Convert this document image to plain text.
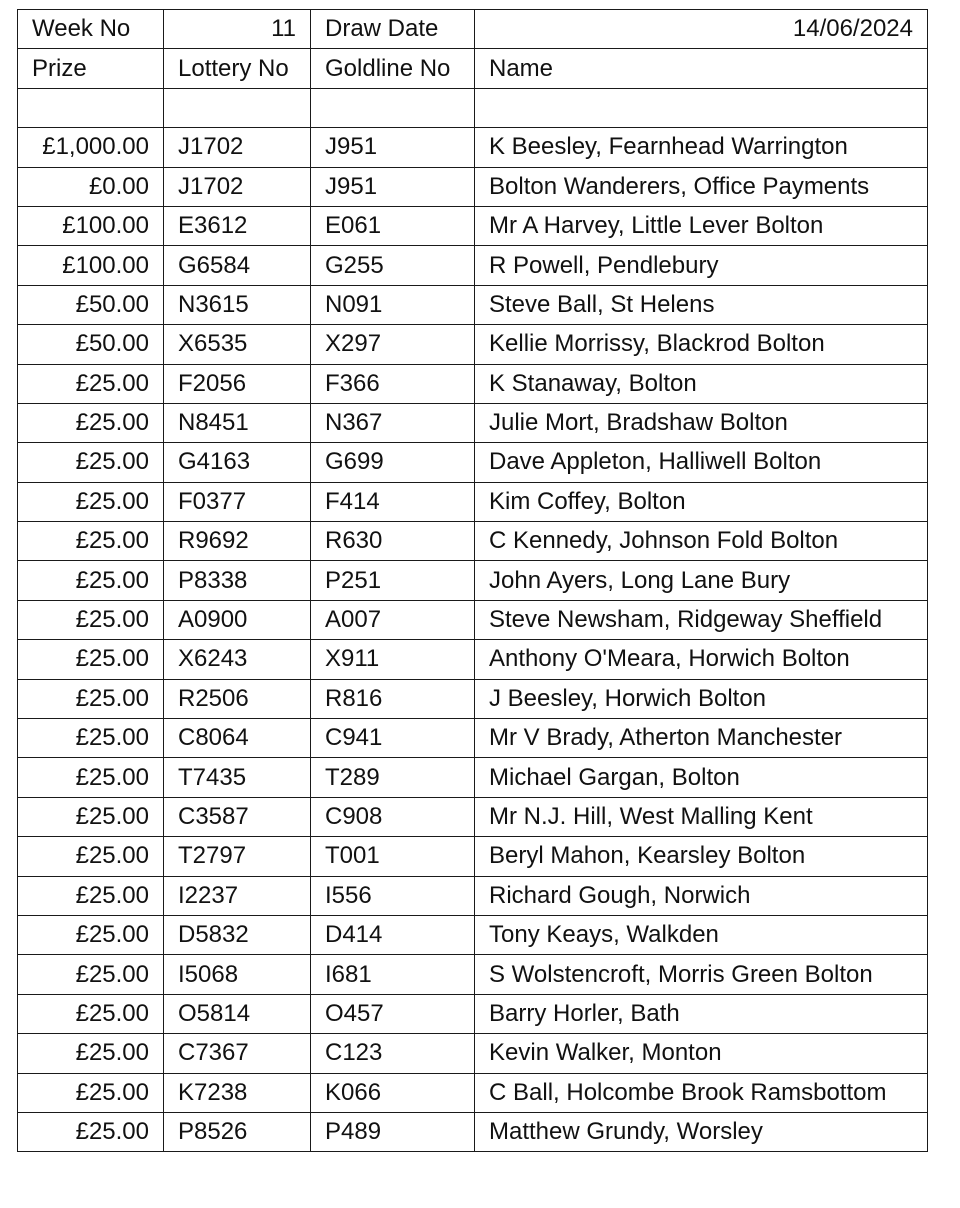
Week No	11	Draw Date	14/06/2024
Prize	Lottery No	Goldline No	Name

£1,000.00	J1702	J951	K Beesley, Fearnhead Warrington
£0.00	J1702	J951	Bolton Wanderers, Office Payments
£100.00	E3612	E061	Mr A Harvey, Little Lever Bolton
£100.00	G6584	G255	R Powell, Pendlebury
£50.00	N3615	N091	Steve Ball, St Helens
£50.00	X6535	X297	Kellie Morrissy, Blackrod Bolton
£25.00	F2056	F366	K Stanaway, Bolton
£25.00	N8451	N367	Julie Mort, Bradshaw Bolton
£25.00	G4163	G699	Dave Appleton, Halliwell Bolton
£25.00	F0377	F414	Kim Coffey, Bolton
£25.00	R9692	R630	C Kennedy, Johnson Fold Bolton
£25.00	P8338	P251	John Ayers, Long Lane Bury
£25.00	A0900	A007	Steve Newsham, Ridgeway Sheffield
£25.00	X6243	X911	Anthony O'Meara, Horwich Bolton
£25.00	R2506	R816	J Beesley, Horwich Bolton
£25.00	C8064	C941	Mr V Brady, Atherton Manchester
£25.00	T7435	T289	Michael Gargan, Bolton
£25.00	C3587	C908	Mr N.J. Hill, West Malling Kent
£25.00	T2797	T001	Beryl Mahon, Kearsley Bolton
£25.00	I2237	I556	Richard Gough, Norwich
£25.00	D5832	D414	Tony Keays, Walkden
£25.00	I5068	I681	S Wolstencroft, Morris Green Bolton
£25.00	O5814	O457	Barry Horler, Bath
£25.00	C7367	C123	Kevin Walker, Monton
£25.00	K7238	K066	C Ball, Holcombe Brook Ramsbottom
£25.00	P8526	P489	Matthew Grundy, Worsley
